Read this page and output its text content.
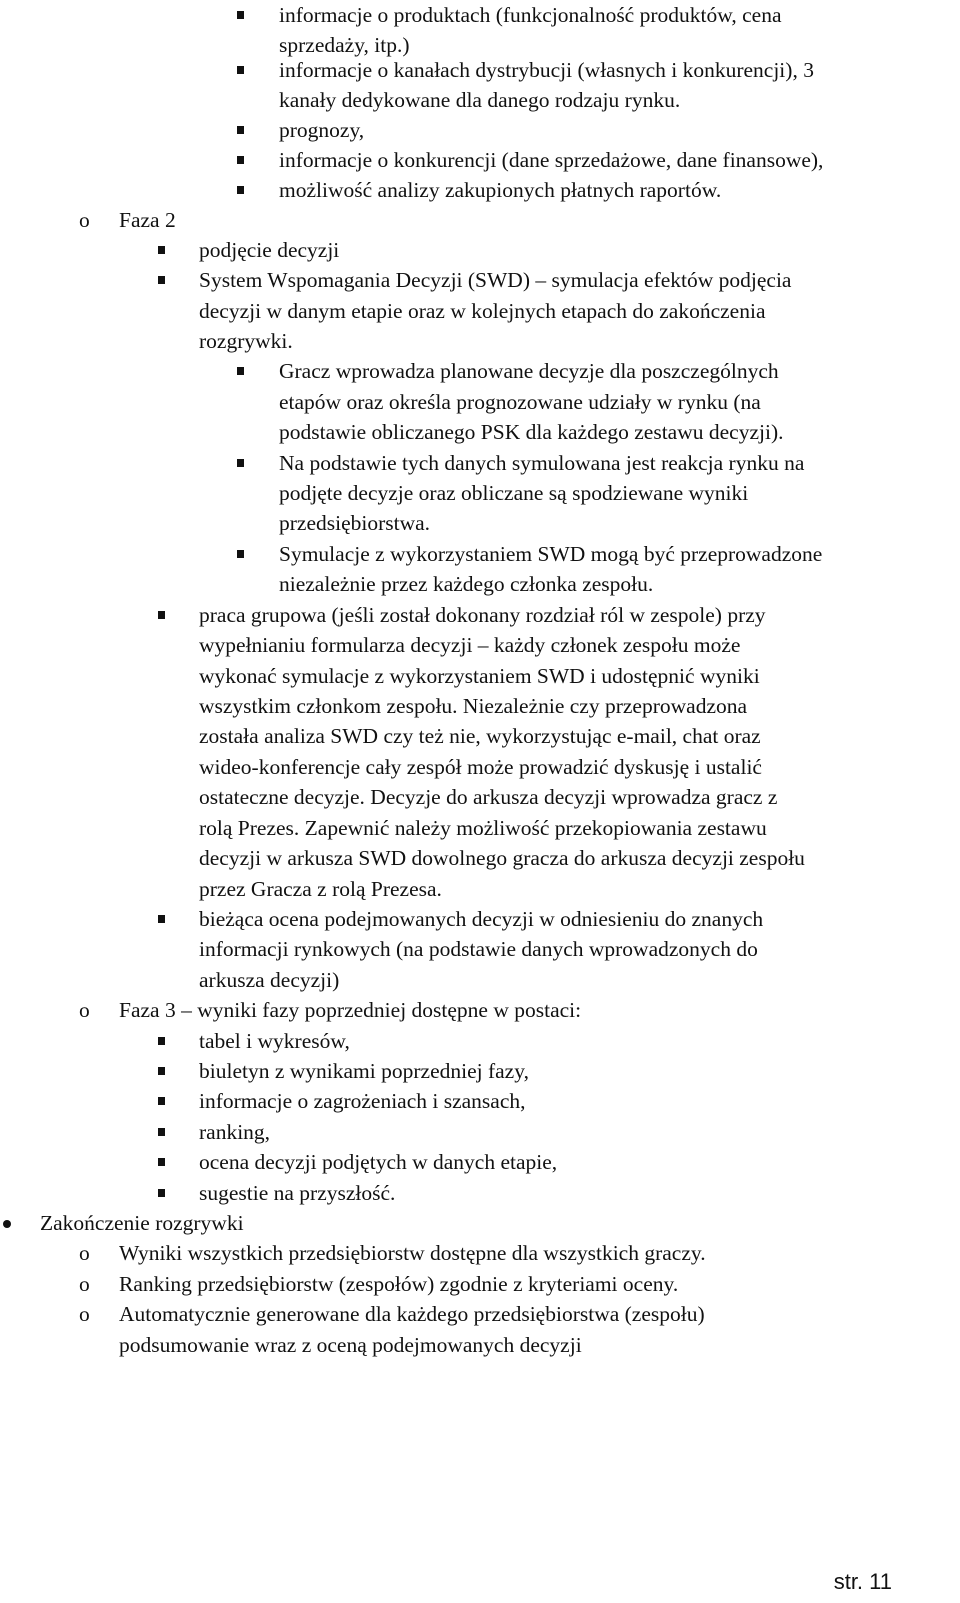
informacje o produktach (funkcjonalność produktów, cena
sprzedaży, itp.)
informacje o kanałach dystrybucji (własnych i konkurencji), 3
kanały dedykowane dla danego rodzaju rynku.
prognozy,
informacje o konkurencji (dane sprzedażowe, dane finansowe),
możliwość analizy zakupionych płatnych raportów.
o Faza 2
podjęcie decyzji
System Wspomagania Decyzji (SWD) – symulacja efektów podjęcia
decyzji w danym etapie oraz w kolejnych etapach do zakończenia
rozgrywki.
Gracz wprowadza planowane decyzje dla poszczególnych
etapów oraz określa prognozowane udziały w rynku (na
podstawie obliczanego PSK dla każdego zestawu decyzji).
Na podstawie tych danych symulowana jest reakcja rynku na
podjęte decyzje oraz obliczane są spodziewane wyniki
przedsiębiorstwa.
Symulacje z wykorzystaniem SWD mogą być przeprowadzone
niezależnie przez każdego członka zespołu.
praca grupowa (jeśli został dokonany rozdział ról w zespole) przy
wypełnianiu formularza decyzji – każdy członek zespołu może
wykonać symulacje z wykorzystaniem SWD i udostępnić wyniki
wszystkim członkom zespołu. Niezależnie czy przeprowadzona
została analiza SWD czy też nie, wykorzystując e-mail, chat oraz
wideo-konferencje cały zespół może prowadzić dyskusję i ustalić
ostateczne decyzje. Decyzje do arkusza decyzji wprowadza gracz z
rolą Prezes. Zapewnić należy możliwość przekopiowania zestawu
decyzji w arkusza SWD dowolnego gracza do arkusza decyzji zespołu
przez Gracza z rolą Prezesa.
bieżąca ocena podejmowanych decyzji w odniesieniu do znanych
informacji rynkowych (na podstawie danych wprowadzonych do
arkusza decyzji)
o Faza 3 – wyniki fazy poprzedniej dostępne w postaci:
tabel i wykresów,
biuletyn z wynikami poprzedniej fazy,
informacje o zagrożeniach i szansach,
ranking,
ocena decyzji podjętych w danych etapie,
sugestie na przyszłość.
Zakończenie rozgrywki
o Wyniki wszystkich przedsiębiorstw dostępne dla wszystkich graczy.
o Ranking przedsiębiorstw (zespołów) zgodnie z kryteriami oceny.
o Automatycznie generowane dla każdego przedsiębiorstwa (zespołu)
podsumowanie wraz z oceną podejmowanych decyzji
str. 11
